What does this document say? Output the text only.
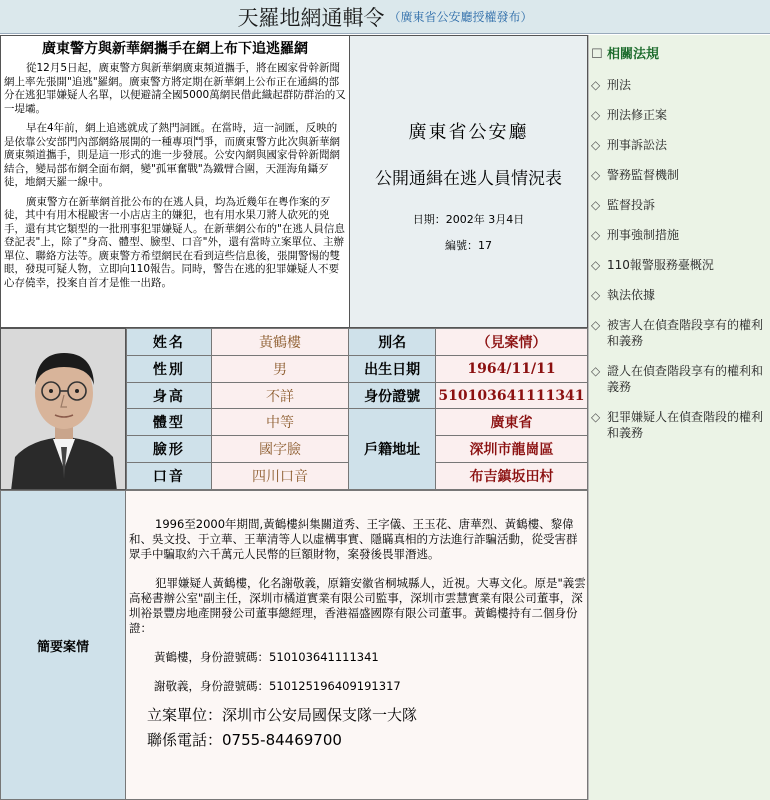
天羅地網通輯令 （廣東省公安廳授權發布）
廣東警方與新華網攜手在網上布下追逃羅網

從12月5日起，廣東警方與新華網廣東頻道攜手，將在國家骨幹新聞網上率先張開"追逃"羅網。廣東警方將定期在新華網上公布正在通緝的部分在逃犯罪嫌疑人名單，以便避請全國5000萬網民借此織起群防群治的又一堤壩。

早在4年前，網上追逃就成了熱門詞匯。在當時，這一詞匯，反映的是依靠公安部門內部網絡展開的一種專項鬥爭，而廣東警方此次與新華網廣東頻道攜手，則是這一形式的進一步發展。公安內網與國家骨幹新聞網結合，變局部布網全面布網，變"孤軍奮戰"為鐵臂合圍，天涯海角鑷歹徒，地網天羅一線中。

廣東警方在新華網首批公布的在逃人員，均為近幾年在粵作案的歹徒，其中有用木棍毆害一小店店主的嫌犯，也有用水果刀將人砍死的兇手，還有其它類型的一批刑事犯罪嫌疑人。在新華網公布的"在逃人員信息登記表"上，除了"身高、體型、臉型、口音"外，還有當時立案單位、主辦單位、聯絡方法等。廣東警方希望網民在看到這些信息後，張開警惕的雙眼，發現可疑人物，立即向110報告。同時，警告在逃的犯罪嫌疑人不要心存僥幸，投案自首才是惟一出路。

廣東省公安廳
公開通緝在逃人員情況表
日期：2002年 3月4日
編號：17
☐ 相關法規
◇ 刑法
◇ 刑法修正案
◇ 刑事訴訟法
◇ 警務監督機制
◇ 監督投訴
◇ 刑事強制措施
◇ 110報警服務臺概況
◇ 執法依據
◇ 被害人在偵查階段享有的權利和義務
◇ 證人在偵查階段享有的權利和義務
◇ 犯罪嫌疑人在偵查階段的權利和義務
姓名	黃鶴樓	別名	（見案情）
性別	男	出生日期	1964/11/11
身高	不詳	身份證號	510103641111341
體型	中等	戶籍地址	廣東省
臉形	國字臉		深圳市龍崗區
口音	四川口音		布吉鎮坂田村
簡要案情

1996至2000年期間,黃鶴樓糾集關道秀、王字儀、王玉花、唐華烈、黃鶴樓、黎偉和、吳文投、于立華、王華清等人以虛構事實、隱瞞真相的方法進行詐騙活動，從受害群眾手中騙取約六千萬元人民幣的巨額財物，案發後畏罪潛逃。

犯罪嫌疑人黃鶴樓，化名謝敬義，原籍安徽省桐城縣人，近視。大專文化。原是"義雲高秘書辦公室"副主任，深圳市橘道實業有限公司監事，深圳市雲慧實業有限公司董事，深圳裕景豐房地產開發公司董事總經理，香港福盛國際有限公司董事。黃鶴樓持有二個身份證：

黃鶴樓，身份證號碼：510103641111341

謝敬義，身份證號碼：510125196409191317

立案單位：深圳市公安局國保支隊一大隊

聯係電話：0755-84469700
